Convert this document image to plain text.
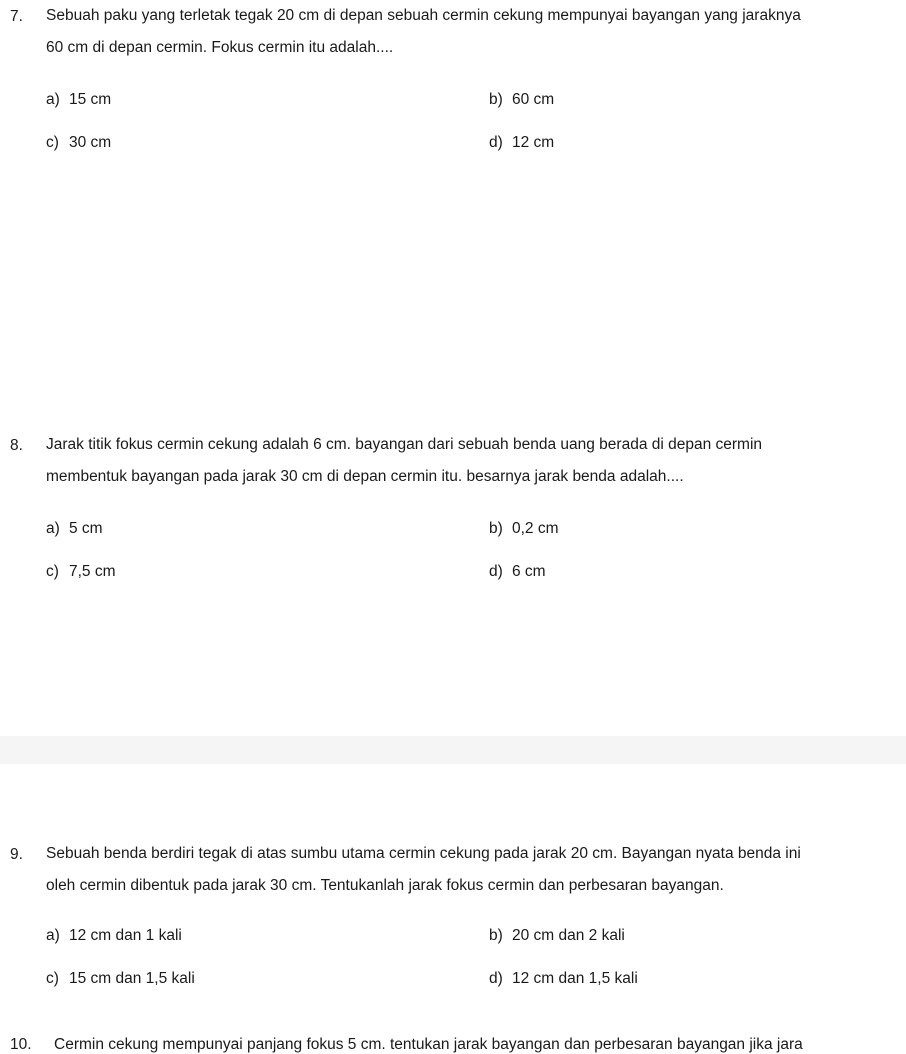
7. Sebuah paku yang terletak tegak 20 cm di depan sebuah cermin cekung mempunyai bayangan yang jaraknya
60 cm di depan cermin. Fokus cermin itu adalah....
a) 15 cm	b) 60 cm
c) 30 cm	d) 12 cm
8. Jarak titik fokus cermin cekung adalah 6 cm. bayangan dari sebuah benda uang berada di depan cermin
membentuk bayangan pada jarak 30 cm di depan cermin itu. besarnya jarak benda adalah....
a) 5 cm	b) 0,2 cm
c) 7,5 cm	d) 6 cm
9. Sebuah benda berdiri tegak di atas sumbu utama cermin cekung pada jarak 20 cm. Bayangan nyata benda ini
oleh cermin dibentuk pada jarak 30 cm. Tentukanlah jarak fokus cermin dan perbesaran bayangan.
a) 12 cm dan 1 kali	b) 20 cm dan 2 kali
c) 15 cm dan 1,5 kali	d) 12 cm dan 1,5 kali
10. Cermin cekung mempunyai panjang fokus 5 cm. tentukan jarak bayangan dan perbesaran bayangan jika jara
